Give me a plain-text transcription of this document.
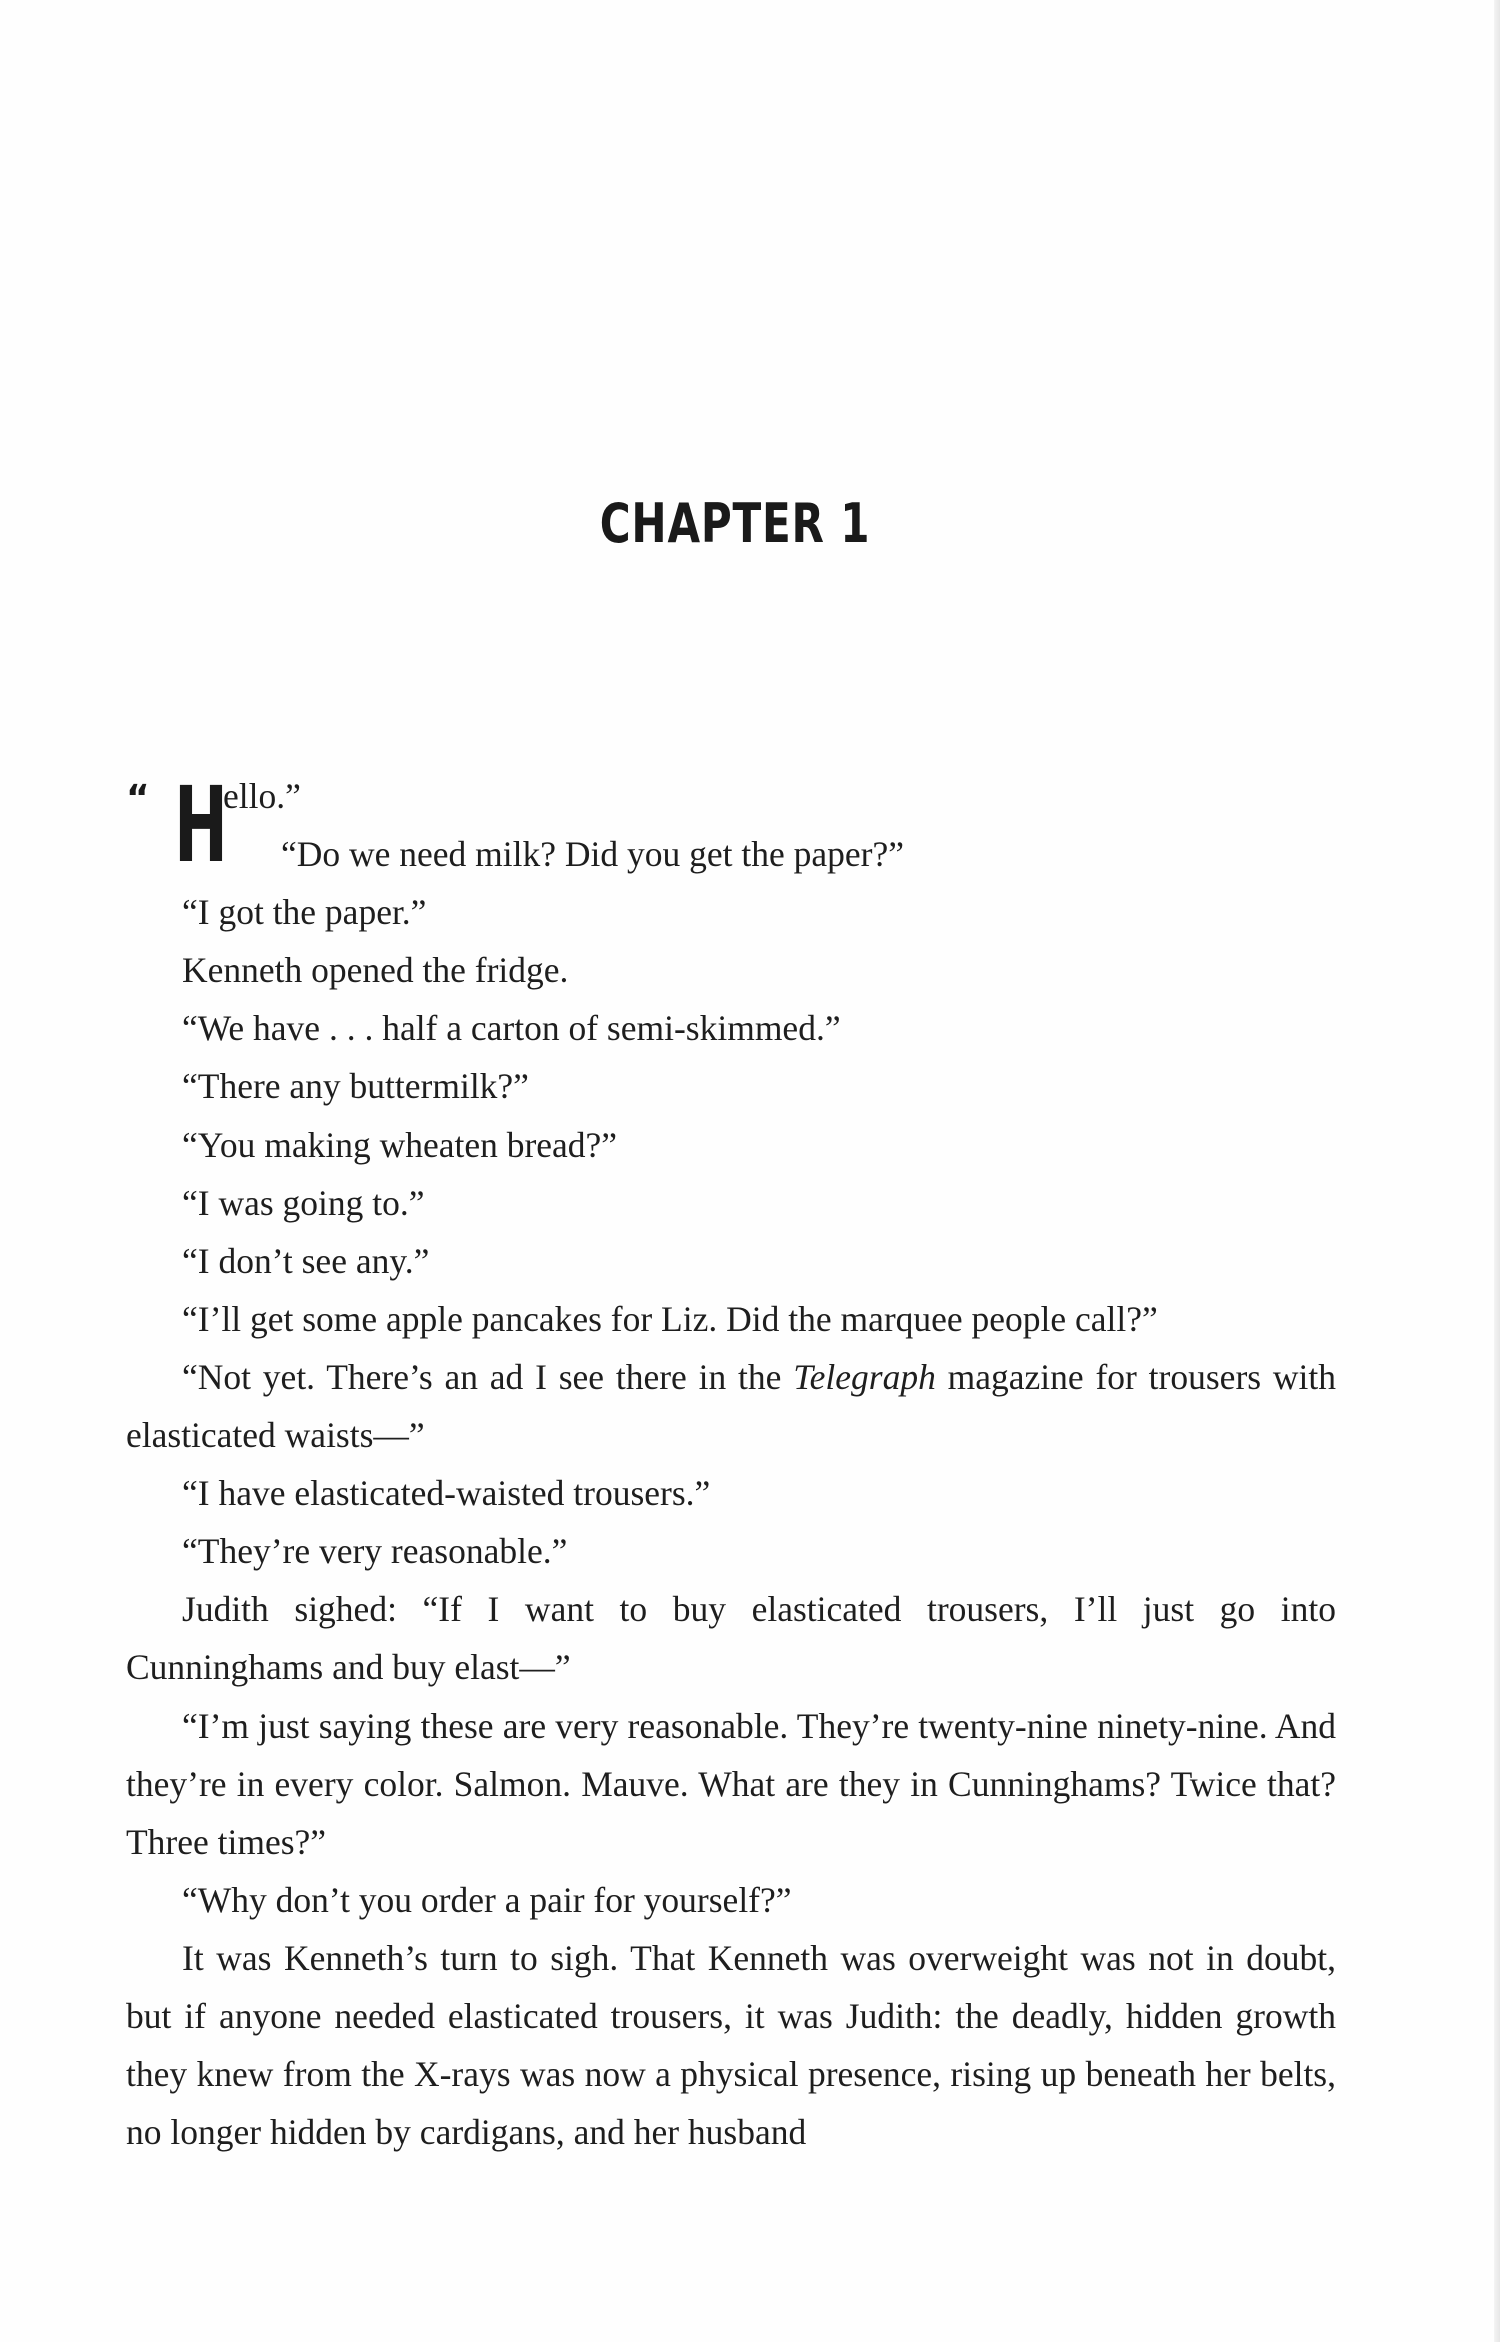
CHAPTER 1
“ H
ello.”

“Do we need milk? Did you get the paper?”

“I got the paper.”

Kenneth opened the fridge.

“We have . . . half a carton of semi-skimmed.”

“There any buttermilk?”

“You making wheaten bread?”

“I was going to.”

“I don’t see any.”

“I’ll get some apple pancakes for Liz. Did the marquee people call?”

“Not yet. There’s an ad I see there in the Telegraph magazine for trousers with elasticated waists—”

“I have elasticated-waisted trousers.”

“They’re very reasonable.”

Judith sighed: “If I want to buy elasticated trousers, I’ll just go into Cunninghams and buy elast—”

“I’m just saying these are very reasonable. They’re twenty-nine ninety-nine. And they’re in every color. Salmon. Mauve. What are they in Cunninghams? Twice that? Three times?”

“Why don’t you order a pair for yourself?”

It was Kenneth’s turn to sigh. That Kenneth was overweight was not in doubt, but if anyone needed elasticated trousers, it was Judith: the deadly, hidden growth they knew from the X-rays was now a physical presence, rising up beneath her belts, no longer hidden by cardigans, and her husband
